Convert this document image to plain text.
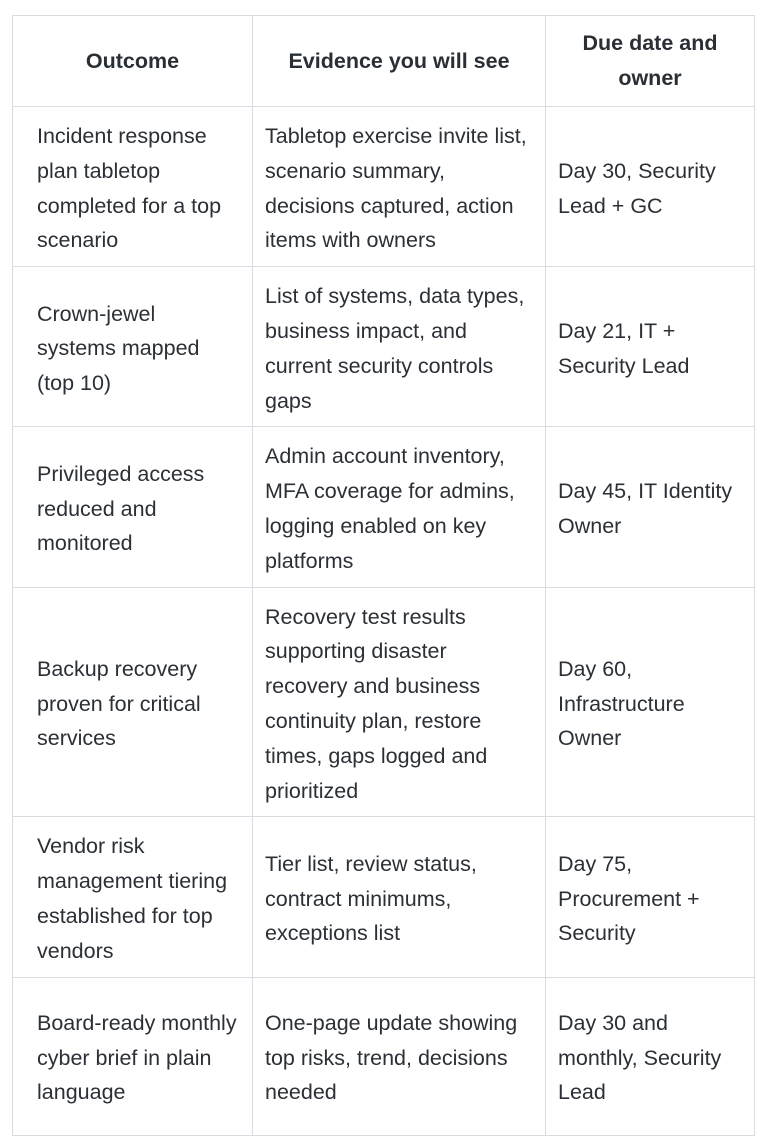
Outcome	Evidence you will see	Due date and owner
Incident response plan tabletop completed for a top scenario	Tabletop exercise invite list, scenario summary, decisions captured, action items with owners	Day 30, Security Lead + GC
Crown-jewel systems mapped (top 10)	List of systems, data types, business impact, and current security controls gaps	Day 21, IT + Security Lead
Privileged access reduced and monitored	Admin account inventory, MFA coverage for admins, logging enabled on key platforms	Day 45, IT Identity Owner
Backup recovery proven for critical services	Recovery test results supporting disaster recovery and business continuity plan, restore times, gaps logged and prioritized	Day 60, Infrastructure Owner
Vendor risk management tiering established for top vendors	Tier list, review status, contract minimums, exceptions list	Day 75, Procurement + Security
Board-ready monthly cyber brief in plain language	One-page update showing top risks, trend, decisions needed	Day 30 and monthly, Security Lead
